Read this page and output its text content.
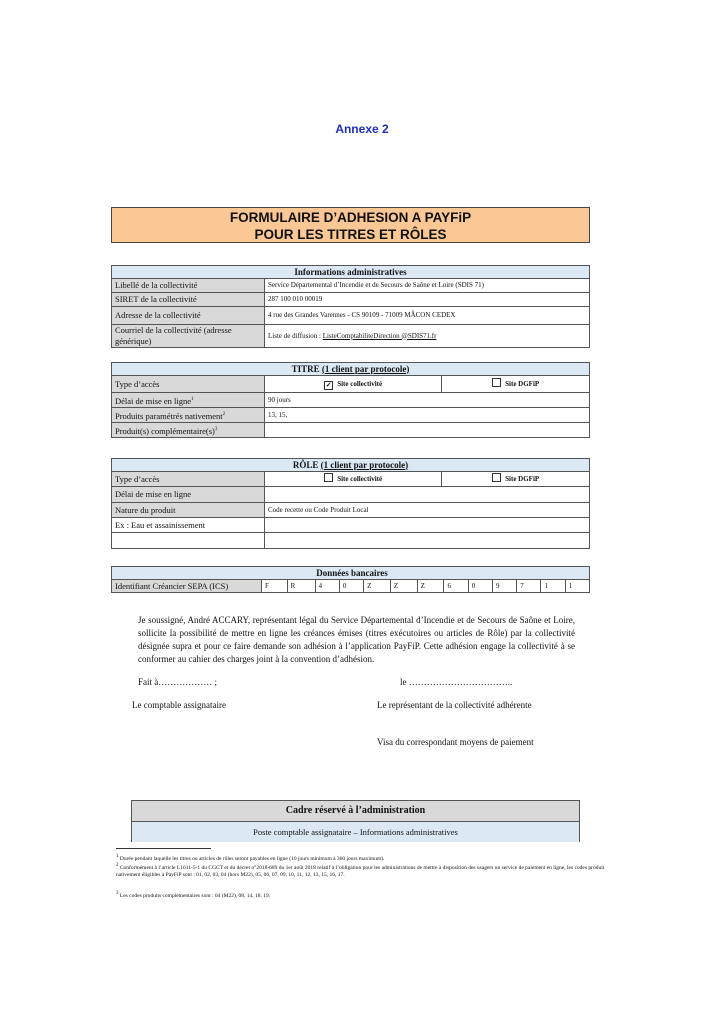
Annexe 2
FORMULAIRE D’ADHESION A PAYFiP
POUR LES TITRES ET RÔLES
Informations administratives	
Libellé de la collectivité	Service Départemental d’Incendie et de Secours de Saône et Loire (SDIS 71)
SIRET de la collectivité	287 100 010 00019
Adresse de la collectivité	4 rue des Grandes Varennes - CS 90109 - 71009 MÂCON CEDEX
Courriel de la collectivité (adresse générique)	Liste de diffusion : ListeComptabiliteDirection @SDIS71.fr
TITRE (1 client par protocole)		
Type d’accès	✓ Site collectivité	Site DGFiP
Délai de mise en ligne$^1$	90 jours	
Produits paramétrés nativement$^2$	13, 15,	
Produit(s) $complémentaire(s)^3$	
RÔLE (1 client par protocole)		
Type d’accès	Site collectivité	Site DGFiP
Délai de mise en ligne		
Nature du produit	Code recette ou Code Produit Local	
Ex : Eau et assainissement		

Données bancaires
Identifiant Créancier SEPA (ICS)	F	R	4	0	Z	Z	Z	6	0	9	7	1	1
Je soussigné, André ACCARY, représentant légal du Service Départemental d’Incendie et de Secours de Saône et Loire, sollicite la possibilité de mettre en ligne les créances émises (titres exécutoires ou articles de Rôle) par la collectivité désignée supra et pour ce faire demande son adhésion à l’application PayFiP. Cette adhésion engage la collectivité à se conformer au cahier des charges joint à la convention d’adhésion.
Fait à……………… ;	le ……………………………..
Le comptable assignataire	Le représentant de la collectivité adhérente
Visa du correspondant moyens de paiement
Cadre réservé à l’administration
Poste comptable assignataire – Informations administratives
$^1$ Durée pendant laquelle les titres ou articles de rôles seront payables en ligne (10 jours minimum à 360 jours maximum).
$^2$ Conformément à l’article L1611-5-1 du CGCT et du décret n°2018-689 du 1er août 2018 relatif à l’obligation pour les administrations de mettre à disposition des usagers un service de paiement en ligne, les codes produit nativement éligibles à PayFiP sont : 01, 02, 03, 04 (hors M22), 05, 06, 07, 09, 10, 11, 12, 13, 15, 16, 17.
$^3$ Les codes produits complémentaires sont : 04 (M22), 08, 14, 18, 19.
